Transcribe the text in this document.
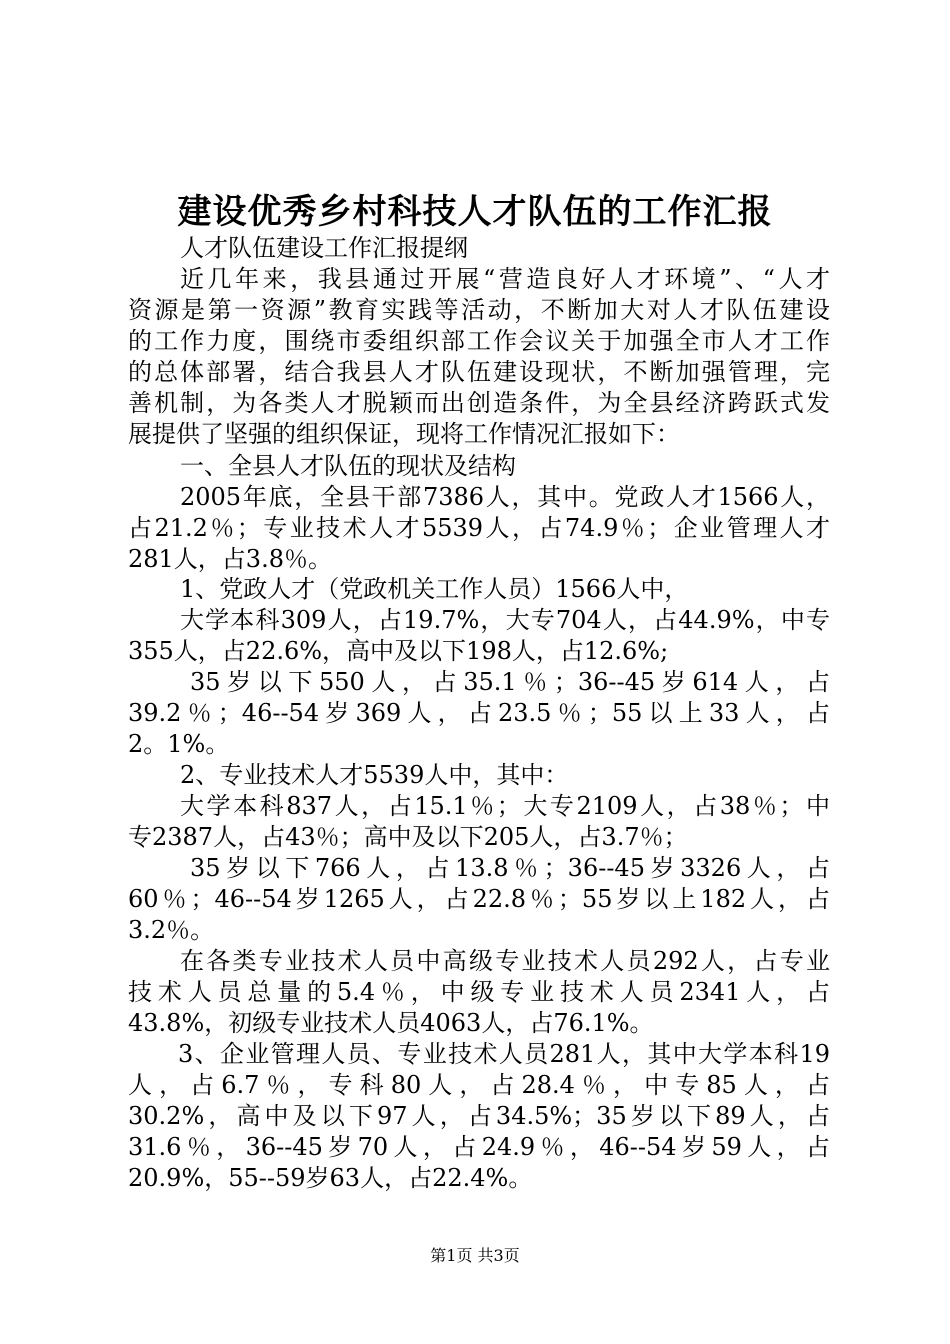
建设优秀乡村科技人才队伍的工作汇报
人才队伍建设工作汇报提纲
近几年来，我县通过开展“营造良好人才环境”、“人才
资源是第一资源”教育实践等活动，不断加大对人才队伍建设
的工作力度，围绕市委组织部工作会议关于加强全市人才工作
的总体部署，结合我县人才队伍建设现状，不断加强管理，完
善机制，为各类人才脱颖而出创造条件，为全县经济跨跃式发
展提供了坚强的组织保证，现将工作情况汇报如下：
一、全县人才队伍的现状及结构
2005年底，全县干部7386人，其中。党政人才1566人，
占21.2％；专业技术人才5539人，占74.9％；企业管理人才
281人，占3.8％。
1、党政人才（党政机关工作人员）1566人中，
大学本科309人，占19.7%，大专704人，占44.9%，中专
355人，占22.6%，高中及以下198人，占12.6%;
35岁以下550人，占35.1％；36--45岁614人，占
39.2％；46--54岁369人，占23.5％；55以上33人，占
2。1%。
2、专业技术人才5539人中，其中：
大学本科837人，占15.1％；大专2109人，占38％；中
专2387人，占43％；高中及以下205人，占3.7％；
35岁以下766人，占13.8％；36--45岁3326人，占
60％；46--54岁1265人，占22.8％；55岁以上182人，占
3.2％。
在各类专业技术人员中高级专业技术人员292人，占专业
技术人员总量的5.4％，中级专业技术人员2341人，占
43.8%，初级专业技术人员4063人，占76.1%。
3、企业管理人员、专业技术人员281人，其中大学本科19
人，占6.7％，专科80人，占28.4％，中专85人，占
30.2%，高中及以下97人，占34.5%；35岁以下89人，占
31.6％，36--45岁70人，占24.9％，46--54岁59人，占
20.9%，55--59岁63人，占22.4%。
第1页 共3页
